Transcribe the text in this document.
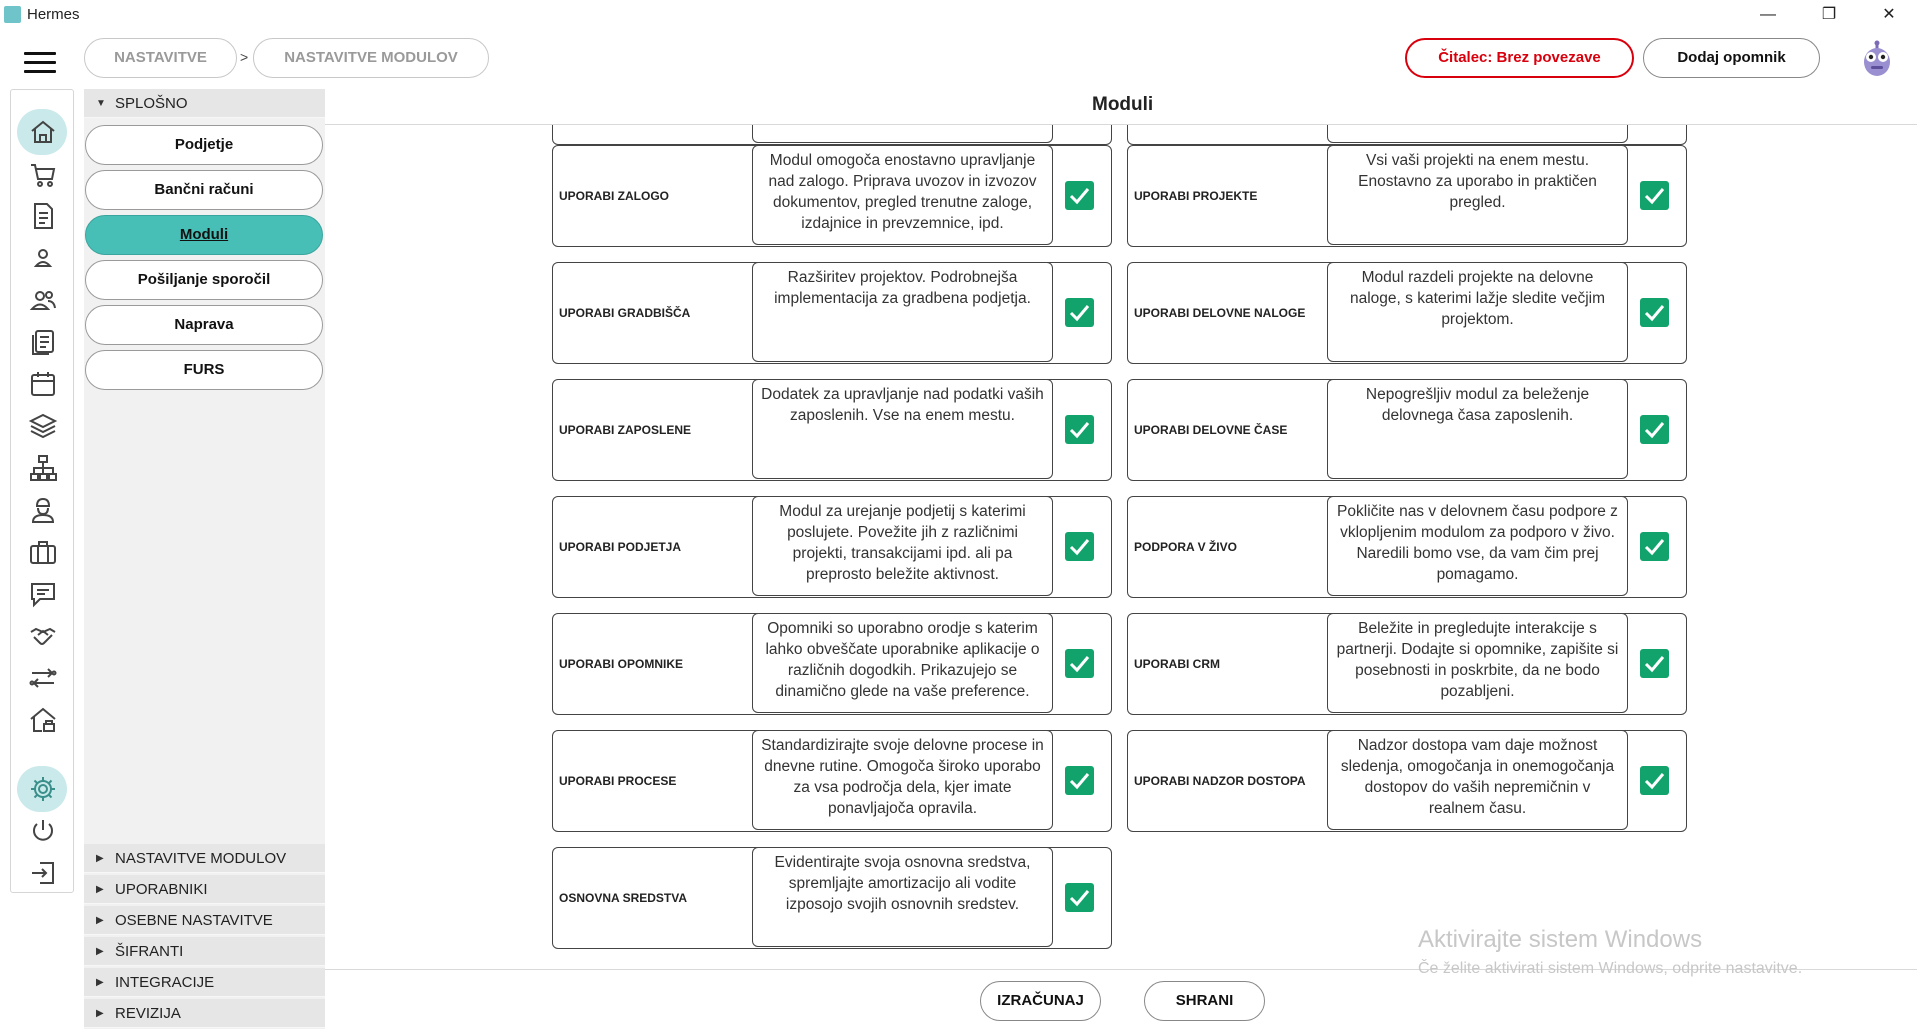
Hermes	—	❐	✕
NASTAVITVE	>	NASTAVITVE MODULOV	Čitalec: Brez povezave	Dodaj opomnik
▼ SPLOŠNO
Podjetje
Bančni računi
Moduli
Pošiljanje sporočil
Naprava
FURS
▶ NASTAVITVE MODULOV
▶ UPORABNIKI
▶ OSEBNE NASTAVITVE
▶ ŠIFRANTI
▶ INTEGRACIJE
▶ REVIZIJA
Moduli
UPORABI ZALOGO
Modul omogoča enostavno upravljanje nad zalogo. Priprava uvozov in izvozov dokumentov, pregled trenutne zaloge, izdajnice in prevzemnice, ipd.
UPORABI PROJEKTE
Vsi vaši projekti na enem mestu. Enostavno za uporabo in praktičen pregled.
UPORABI GRADBIŠČA
Razširitev projektov. Podrobnejša implementacija za gradbena podjetja.
UPORABI DELOVNE NALOGE
Modul razdeli projekte na delovne naloge, s katerimi lažje sledite večjim projektom.
UPORABI ZAPOSLENE
Dodatek za upravljanje nad podatki vaših zaposlenih. Vse na enem mestu.
UPORABI DELOVNE ČASE
Nepogrešljiv modul za beleženje delovnega časa zaposlenih.
UPORABI PODJETJA
Modul za urejanje podjetij s katerimi poslujete. Povežite jih z različnimi projekti, transakcijami ipd. ali pa preprosto beležite aktivnost.
PODPORA V ŽIVO
Pokličite nas v delovnem času podpore z vklopljenim modulom za podporo v živo. Naredili bomo vse, da vam čim prej pomagamo.
UPORABI OPOMNIKE
Opomniki so uporabno orodje s katerim lahko obveščate uporabnike aplikacije o različnih dogodkih. Prikazujejo se dinamično glede na vaše preference.
UPORABI CRM
Beležite in pregledujte interakcije s partnerji. Dodajte si opomnike, zapišite si posebnosti in poskrbite, da ne bodo pozabljeni.
UPORABI PROCESE
Standardizirajte svoje delovne procese in dnevne rutine. Omogoča široko uporabo za vsa področja dela, kjer imate ponavljajoča opravila.
UPORABI NADZOR DOSTOPA
Nadzor dostopa vam daje možnost sledenja, omogočanja in onemogočanja dostopov do vaših nepremičnin v realnem času.
OSNOVNA SREDSTVA
Evidentirajte svoja osnovna sredstva, spremljajte amortizacijo ali vodite izposojo svojih osnovnih sredstev.
IZRAČUNAJ	SHRANI
Aktivirajte sistem Windows
Če želite aktivirati sistem Windows, odprite nastavitve.
